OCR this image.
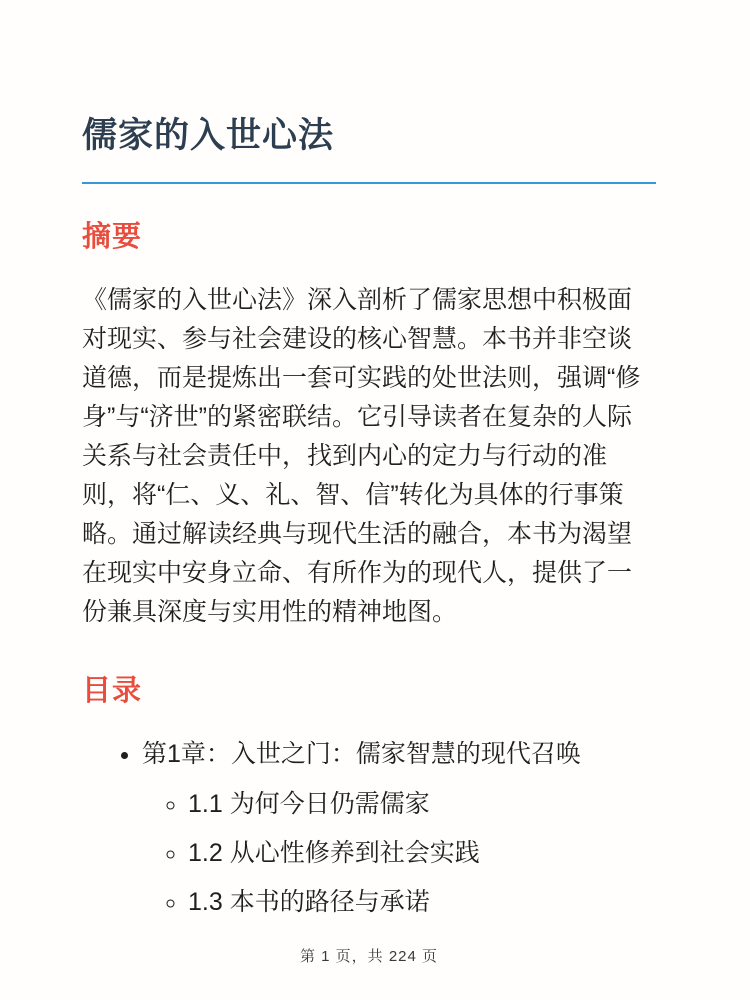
儒家的入世心法
摘要

《儒家的入世心法》深入剖析了儒家思想中积极面对现实、参与社会建设的核心智慧。本书并非空谈道德，而是提炼出一套可实践的处世法则，强调“修身”与“济世”的紧密联结。它引导读者在复杂的人际关系与社会责任中，找到内心的定力与行动的准则，将“仁、义、礼、智、信”转化为具体的行事策略。通过解读经典与现代生活的融合，本书为渴望在现实中安身立命、有所作为的现代人，提供了一份兼具深度与实用性的精神地图。

目录
• 第1章：入世之门：儒家智慧的现代召唤
◦ 1.1 为何今日仍需儒家
◦ 1.2 从心性修养到社会实践
◦ 1.3 本书的路径与承诺
第 1 页，共 224 页
